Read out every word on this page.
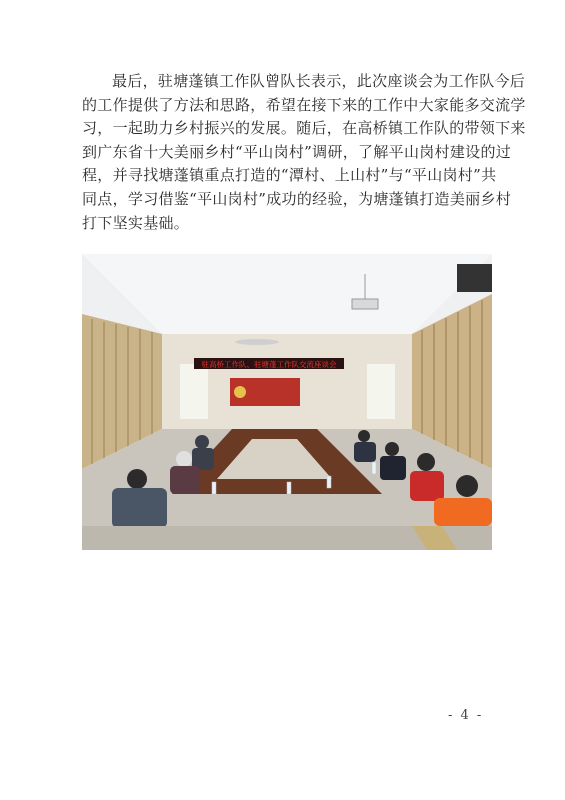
最后，驻塘蓬镇工作队曾队长表示，此次座谈会为工作队今后
的工作提供了方法和思路，希望在接下来的工作中大家能多交流学
习，一起助力乡村振兴的发展。随后，在高桥镇工作队的带领下来
到广东省十大美丽乡村“平山岗村”调研，了解平山岗村建设的过
程，并寻找塘蓬镇重点打造的“潭村、上山村”与“平山岗村”共
同点，学习借鉴“平山岗村”成功的经验，为塘蓬镇打造美丽乡村
打下坚实基础。

驻高桥工作队、驻塘蓬工作队交流座谈会
- 4 -
